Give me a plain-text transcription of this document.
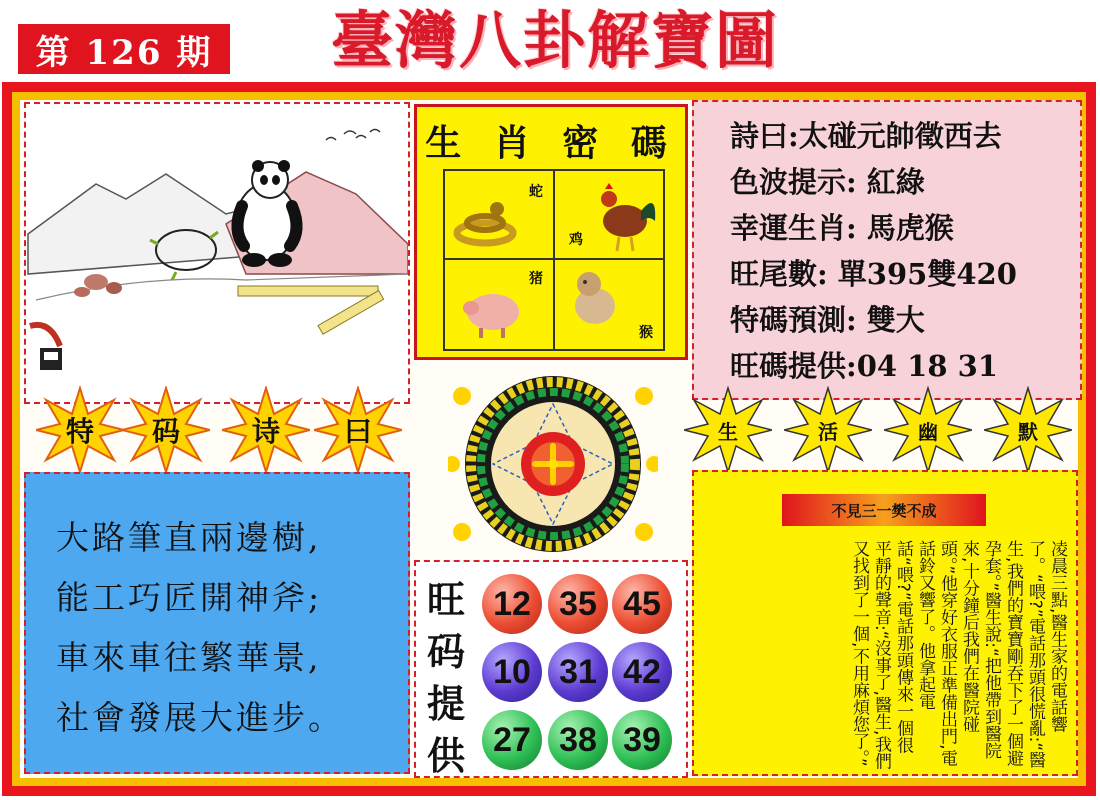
第 126 期 臺灣八卦解寶圖
生 肖 密 碼
蛇
鸡
猪
猴
詩曰:太碰元帥徵西去
色波提示: 紅綠
幸運生肖: 馬虎猴
旺尾數: 單395雙420
特碼預測: 雙大
旺碼提供:04 18 31
特	码	诗	曰	生	活	幽	默
大路筆直兩邊樹,
能工巧匠開神斧;
車來車往繁華景,
社會發展大進步。
旺
码
提
供
12 35 45
10 31 42
27 38 39
不見三一樊不成
凌晨三點,醫生家的電話響了。“喂?”電話那頭很慌亂:“醫生,我們的寶寶剛吞下了一個避孕套。”醫生說:“把他帶到醫院來,十分鐘后我們在醫院碰頭。”他穿好衣服正準備出門,電話鈴又響了。他拿起電話“喂?”電話那頭傳來一個很平靜的聲音:“沒事了,醫生,我們又找到了一個,不用麻煩您了。”
